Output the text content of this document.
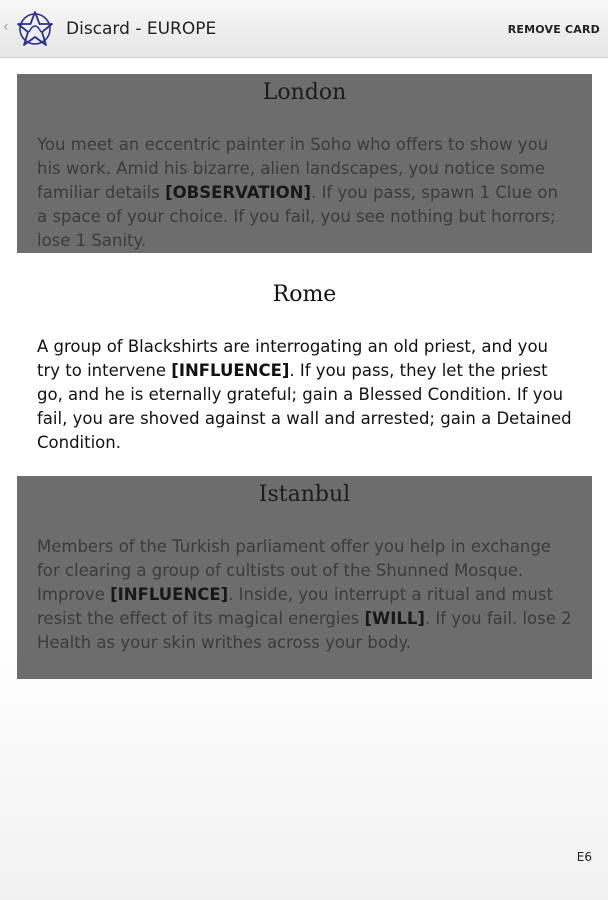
‹	Discard - EUROPE	REMOVE CARD
London
You meet an eccentric painter in Soho who offers to show you his work. Amid his bizarre, alien landscapes, you notice some familiar details [OBSERVATION]. If you pass, spawn 1 Clue on a space of your choice. If you fail, you see nothing but horrors; lose 1 Sanity.
Rome
A group of Blackshirts are interrogating an old priest, and you try to intervene [INFLUENCE]. If you pass, they let the priest go, and he is eternally grateful; gain a Blessed Condition. If you fail, you are shoved against a wall and arrested; gain a Detained Condition.
Istanbul
Members of the Turkish parliament offer you help in exchange for clearing a group of cultists out of the Shunned Mosque. Improve [INFLUENCE]. Inside, you interrupt a ritual and must resist the effect of its magical energies [WILL]. If you fail. lose 2 Health as your skin writhes across your body.
E6
